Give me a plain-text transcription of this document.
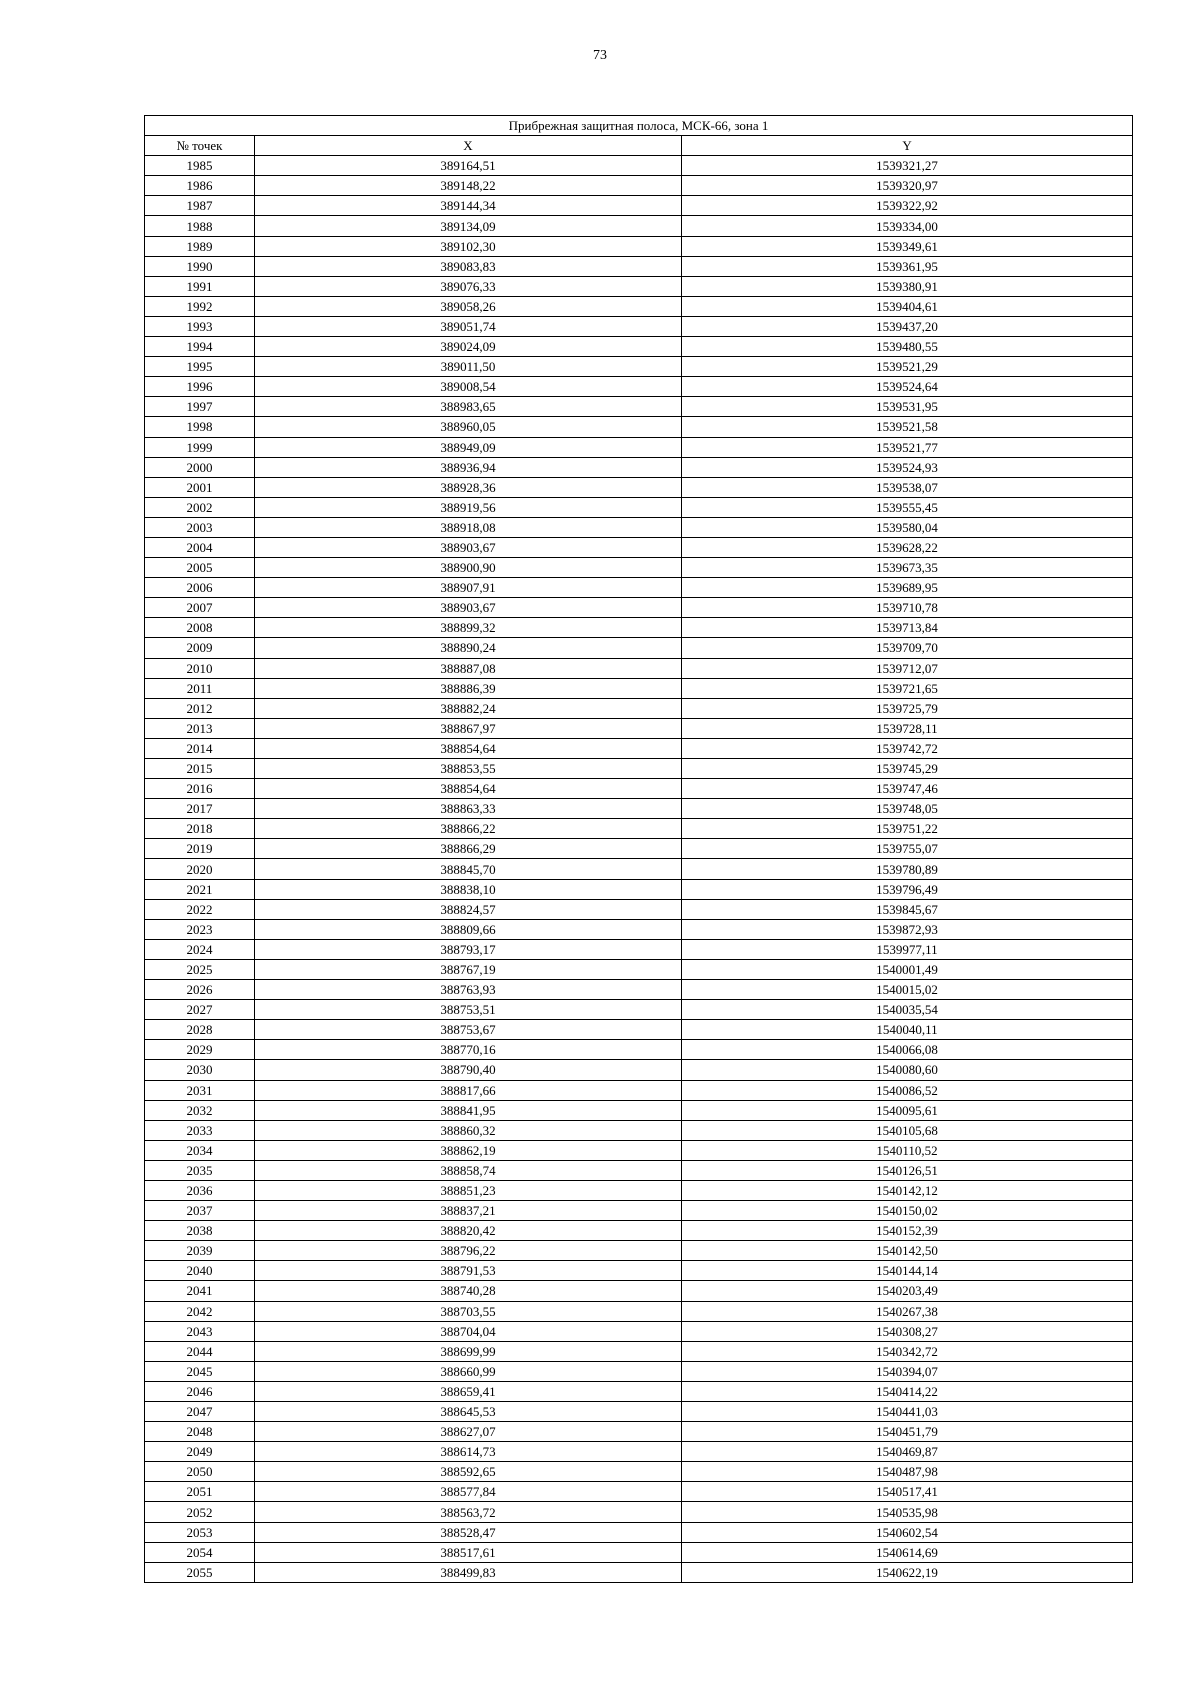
73
Прибрежная защитная полоса, МСК-66, зона 1		
№ точек	X	Y
1985	389164,51	1539321,27
1986	389148,22	1539320,97
1987	389144,34	1539322,92
1988	389134,09	1539334,00
1989	389102,30	1539349,61
1990	389083,83	1539361,95
1991	389076,33	1539380,91
1992	389058,26	1539404,61
1993	389051,74	1539437,20
1994	389024,09	1539480,55
1995	389011,50	1539521,29
1996	389008,54	1539524,64
1997	388983,65	1539531,95
1998	388960,05	1539521,58
1999	388949,09	1539521,77
2000	388936,94	1539524,93
2001	388928,36	1539538,07
2002	388919,56	1539555,45
2003	388918,08	1539580,04
2004	388903,67	1539628,22
2005	388900,90	1539673,35
2006	388907,91	1539689,95
2007	388903,67	1539710,78
2008	388899,32	1539713,84
2009	388890,24	1539709,70
2010	388887,08	1539712,07
2011	388886,39	1539721,65
2012	388882,24	1539725,79
2013	388867,97	1539728,11
2014	388854,64	1539742,72
2015	388853,55	1539745,29
2016	388854,64	1539747,46
2017	388863,33	1539748,05
2018	388866,22	1539751,22
2019	388866,29	1539755,07
2020	388845,70	1539780,89
2021	388838,10	1539796,49
2022	388824,57	1539845,67
2023	388809,66	1539872,93
2024	388793,17	1539977,11
2025	388767,19	1540001,49
2026	388763,93	1540015,02
2027	388753,51	1540035,54
2028	388753,67	1540040,11
2029	388770,16	1540066,08
2030	388790,40	1540080,60
2031	388817,66	1540086,52
2032	388841,95	1540095,61
2033	388860,32	1540105,68
2034	388862,19	1540110,52
2035	388858,74	1540126,51
2036	388851,23	1540142,12
2037	388837,21	1540150,02
2038	388820,42	1540152,39
2039	388796,22	1540142,50
2040	388791,53	1540144,14
2041	388740,28	1540203,49
2042	388703,55	1540267,38
2043	388704,04	1540308,27
2044	388699,99	1540342,72
2045	388660,99	1540394,07
2046	388659,41	1540414,22
2047	388645,53	1540441,03
2048	388627,07	1540451,79
2049	388614,73	1540469,87
2050	388592,65	1540487,98
2051	388577,84	1540517,41
2052	388563,72	1540535,98
2053	388528,47	1540602,54
2054	388517,61	1540614,69
2055	388499,83	1540622,19
